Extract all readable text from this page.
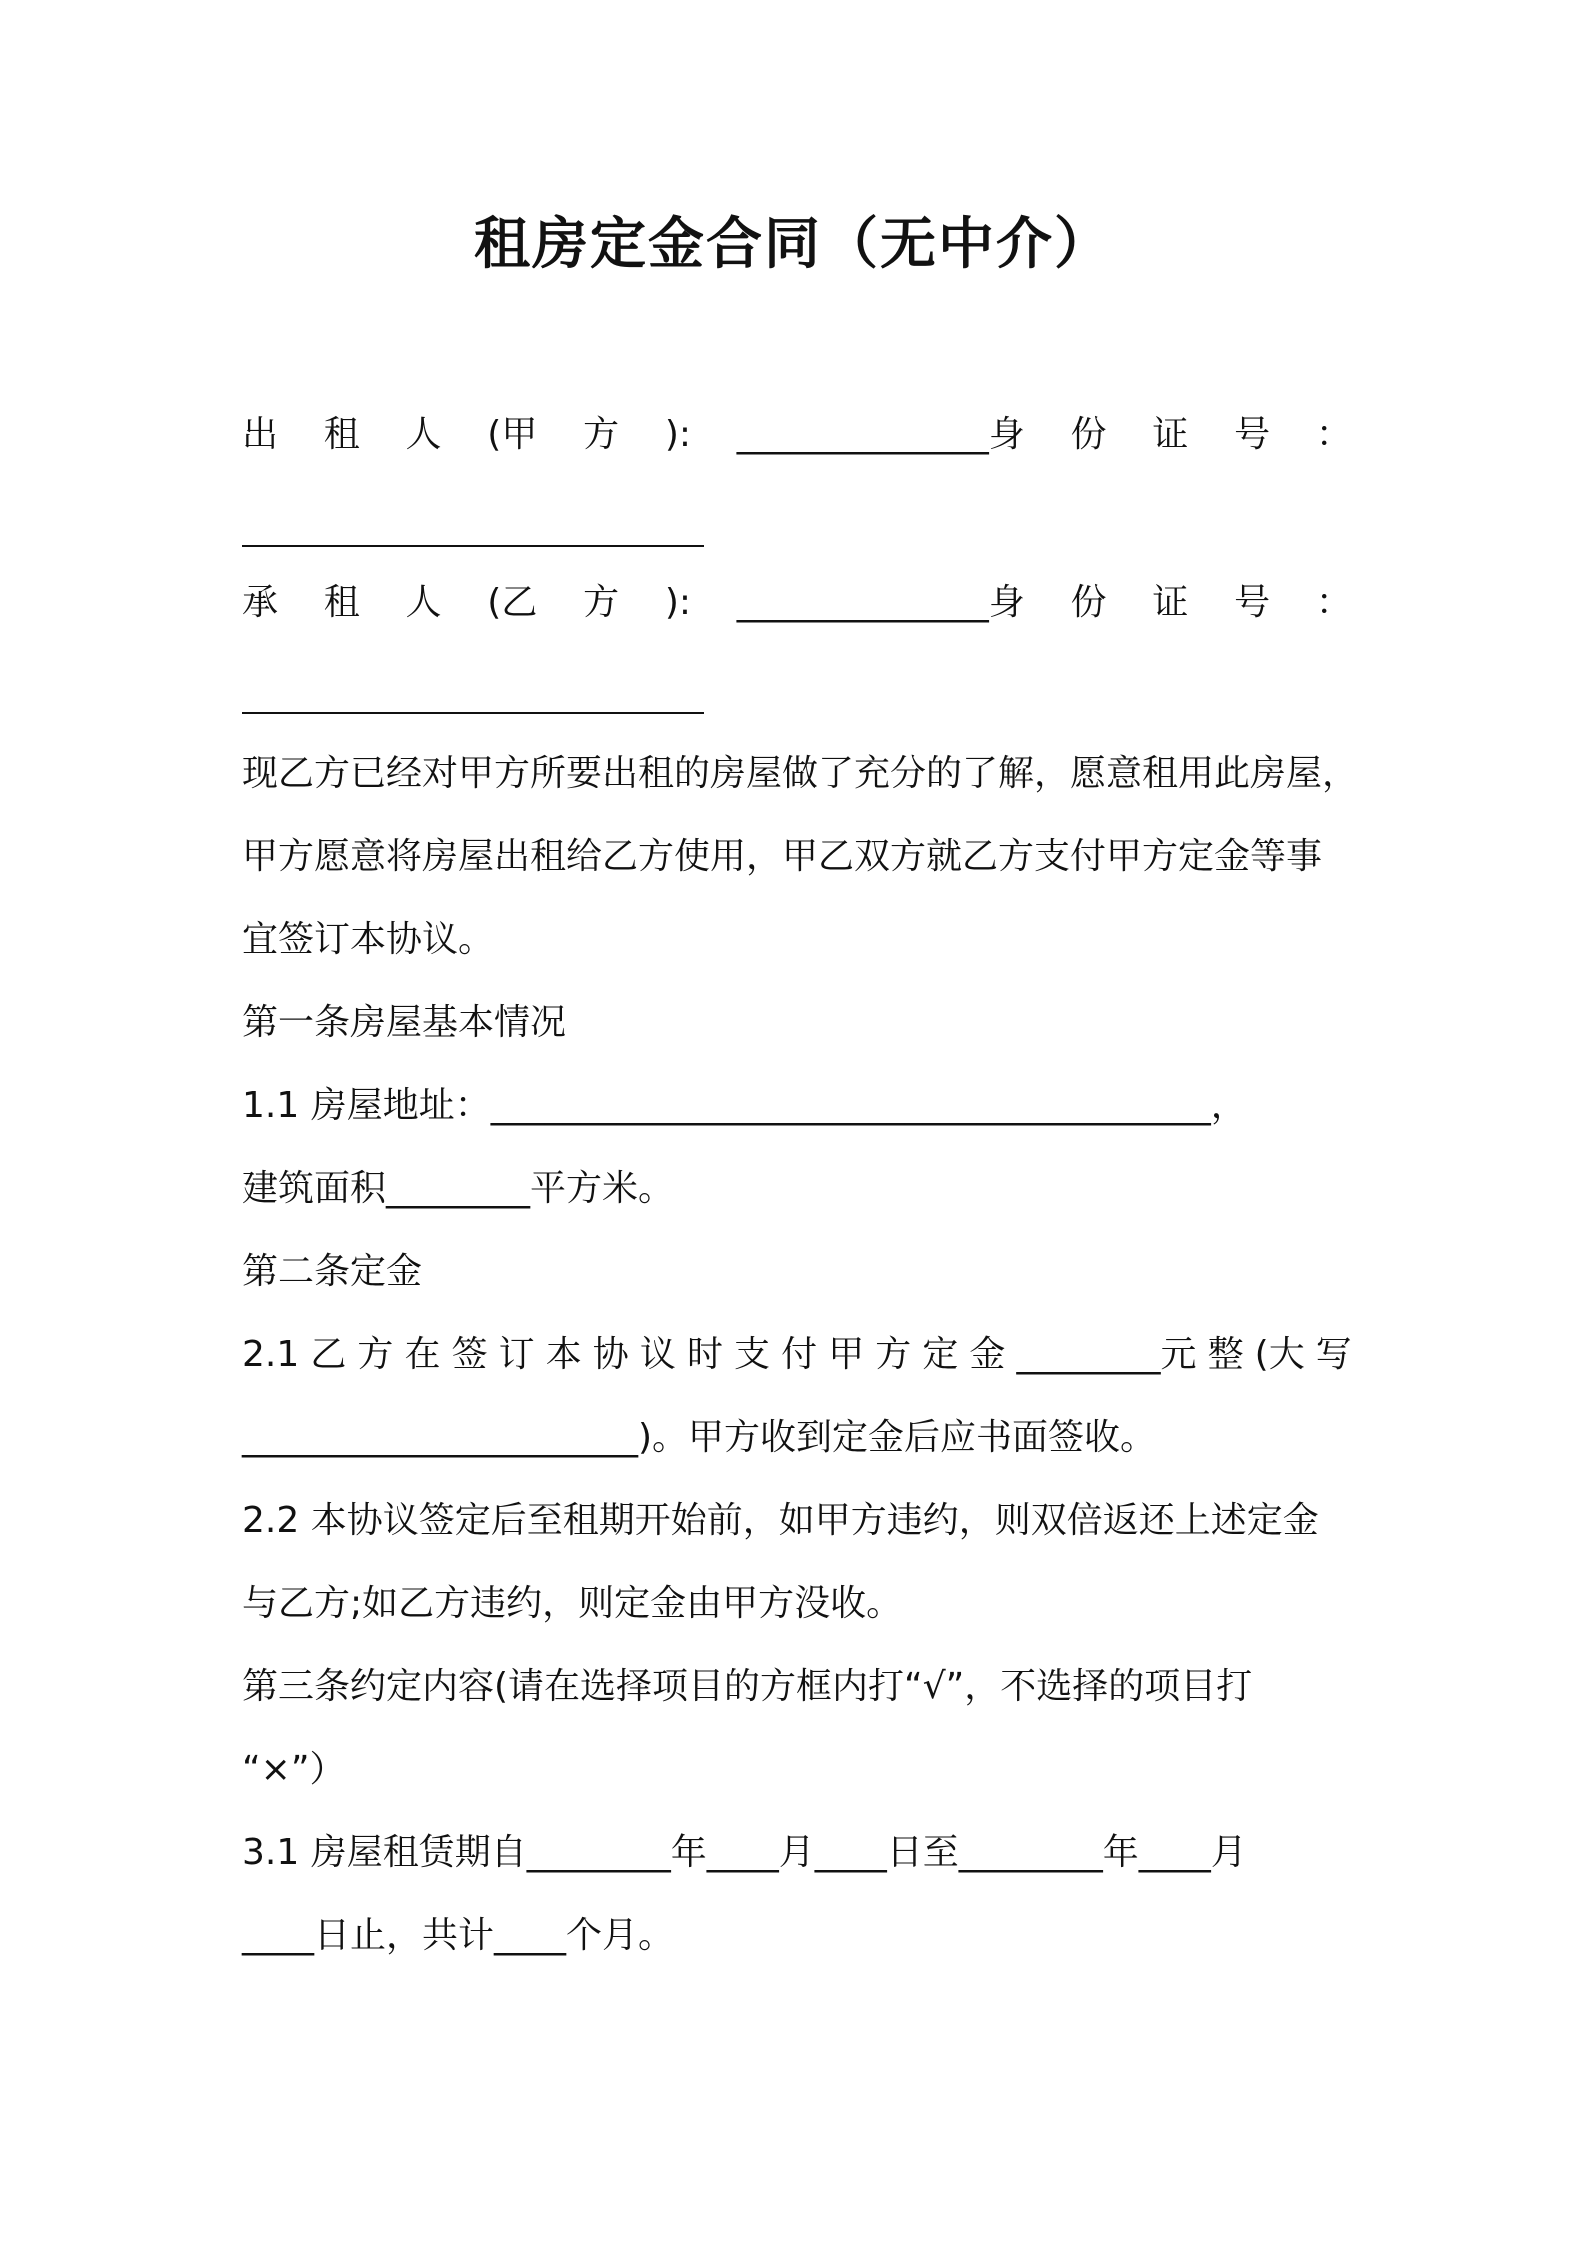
租房定金合同（无中介）
出 租 人 (甲 方 ): ______________身 份 证 号 ：
承 租 人 (乙 方 ): ______________身 份 证 号 ：
现乙方已经对甲方所要出租的房屋做了充分的了解，愿意租用此房屋，
甲方愿意将房屋出租给乙方使用，甲乙双方就乙方支付甲方定金等事
宜签订本协议。
第一条房屋基本情况
1.1 房屋地址：________________________________________，
建筑面积________平方米。
第二条定金
2.1 乙 方 在 签 订 本 协 议 时 支 付 甲 方 定 金 ________元 整 (大 写
______________________)。甲方收到定金后应书面签收。
2.2 本协议签定后至租期开始前，如甲方违约，则双倍返还上述定金
与乙方;如乙方违约，则定金由甲方没收。
第三条约定内容(请在选择项目的方框内打“√”，不选择的项目打
“×”）
3.1 房屋租赁期自________年____月____日至________年____月
____日止，共计____个月。
